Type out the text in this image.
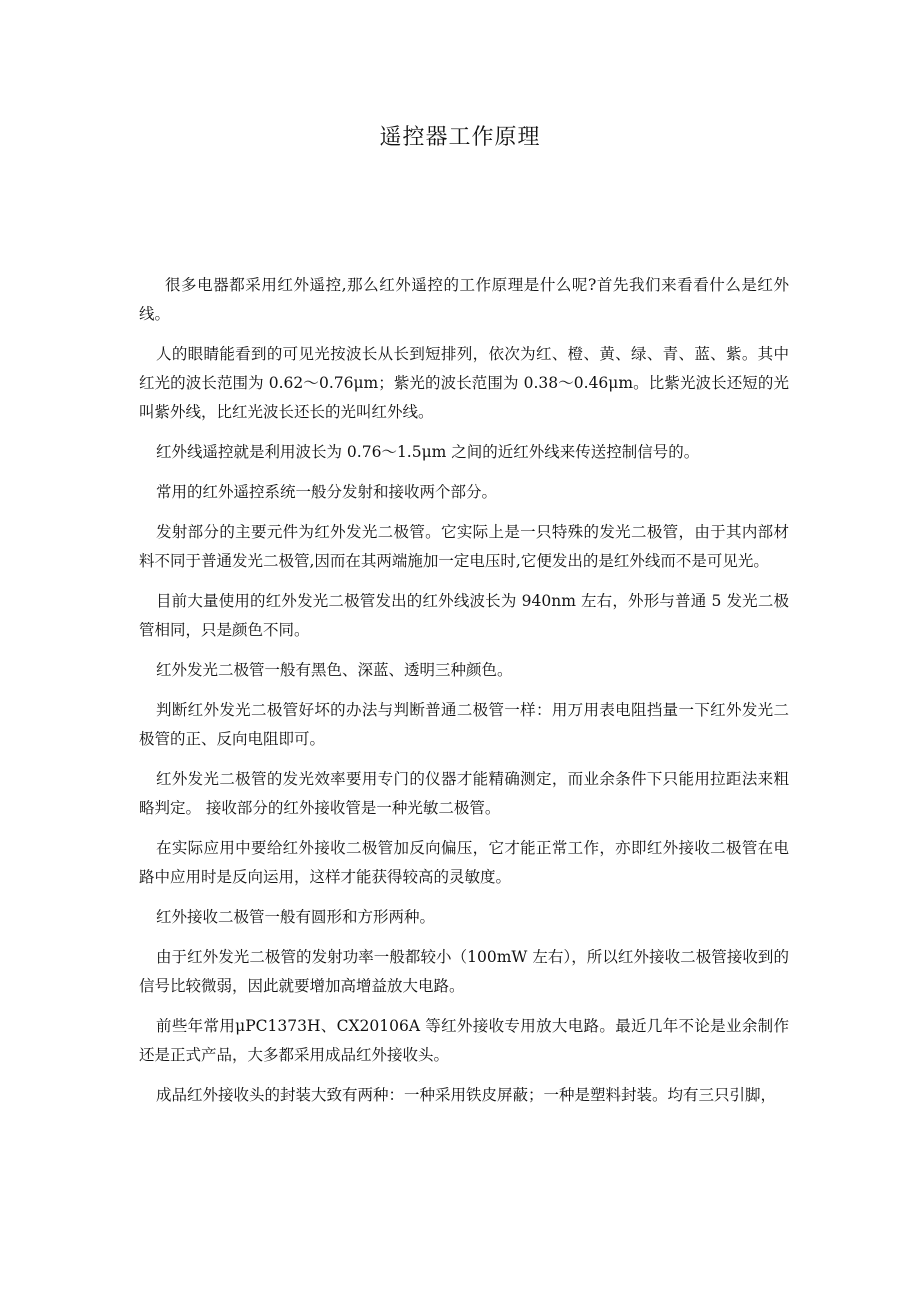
遥控器工作原理

很多电器都采用红外遥控,那么红外遥控的工作原理是什么呢?首先我们来看看什么是红外线。

人的眼睛能看到的可见光按波长从长到短排列，依次为红、橙、黄、绿、青、蓝、紫。其中红光的波长范围为 0.62～0.76μm；紫光的波长范围为 0.38～0.46μm。比紫光波长还短的光叫紫外线，比红光波长还长的光叫红外线。

红外线遥控就是利用波长为 0.76～1.5μm 之间的近红外线来传送控制信号的。

常用的红外遥控系统一般分发射和接收两个部分。

发射部分的主要元件为红外发光二极管。它实际上是一只特殊的发光二极管，由于其内部材料不同于普通发光二极管,因而在其两端施加一定电压时,它便发出的是红外线而不是可见光。

目前大量使用的红外发光二极管发出的红外线波长为 940nm 左右，外形与普通 5 发光二极管相同，只是颜色不同。

红外发光二极管一般有黑色、深蓝、透明三种颜色。

判断红外发光二极管好坏的办法与判断普通二极管一样：用万用表电阻挡量一下红外发光二极管的正、反向电阻即可。

红外发光二极管的发光效率要用专门的仪器才能精确测定，而业余条件下只能用拉距法来粗略判定。 接收部分的红外接收管是一种光敏二极管。

在实际应用中要给红外接收二极管加反向偏压，它才能正常工作，亦即红外接收二极管在电路中应用时是反向运用，这样才能获得较高的灵敏度。

红外接收二极管一般有圆形和方形两种。

由于红外发光二极管的发射功率一般都较小（100mW 左右），所以红外接收二极管接收到的信号比较微弱，因此就要增加高增益放大电路。

前些年常用μPC1373H、CX20106A 等红外接收专用放大电路。最近几年不论是业余制作还是正式产品，大多都采用成品红外接收头。

成品红外接收头的封装大致有两种：一种采用铁皮屏蔽；一种是塑料封装。均有三只引脚，
